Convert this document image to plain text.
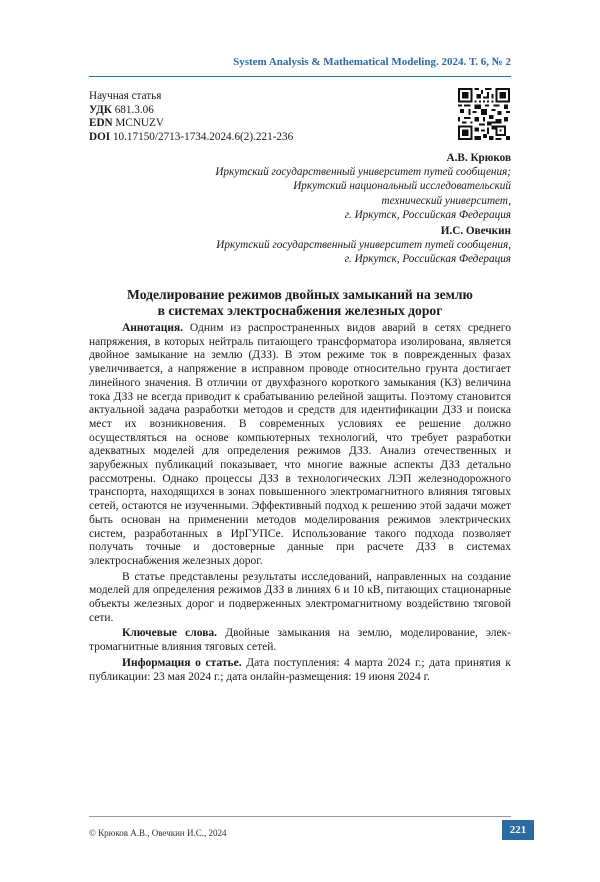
System Analysis & Mathematical Modeling. 2024. Т. 6, № 2
Научная статья
УДК 681.3.06
EDN MCNUZV
DOI 10.17150/2713-1734.2024.6(2).221-236
А.В. Крюков
Иркутский государственный университет путей сообщения;
Иркутский национальный исследовательский
технический университет,
г. Иркутск, Российская Федерация
И.С. Овечкин
Иркутский государственный университет путей сообщения,
г. Иркутск, Российская Федерация
Моделирование режимов двойных замыканий на землю
в системах электроснабжения железных дорог

Аннотация. Одним из распространенных видов аварий в сетях среднего напряжения, в которых нейтраль питающего трансформатора изолирована, является двойное замыкание на землю (ДЗЗ). В этом режиме ток в поврежденных фазах увеличивается, а напряжение в исправном проводе относительно грунта достигает линейного значения. В отличии от двухфазного короткого замыкания (КЗ) величина тока ДЗЗ не всегда приводит к срабатыванию релейной защиты. Поэтому становится актуальной задача разработки методов и средств для идентификации ДЗЗ и поиска мест их возникновения. В современных условиях ее решение должно осуществляться на основе компьютерных технологий, что требует разработки адекватных моделей для определения режимов ДЗЗ. Анализ отечественных и зарубежных публикаций показывает, что многие важные аспекты ДЗЗ детально рассмотрены. Однако процессы ДЗЗ в технологических ЛЭП железнодорожного транспорта, находящихся в зонах повышенного электромагнитного влияния тяговых сетей, остаются не изученными. Эффективный подход к решению этой задачи может быть основан на применении методов моделирования режимов электрических систем, разработанных в ИрГУПСе. Использование такого подхода позволяет получать точные и достоверные данные при расчете ДЗЗ в системах электроснабжения железных дорог.

В статье представлены результаты исследований, направленных на создание моделей для определения режимов ДЗЗ в линиях 6 и 10 кВ, питающих стационарные объекты железных дорог и подверженных электромагнитному воздействию тяговой сети.

Ключевые слова. Двойные замыкания на землю, моделирование, электромагнитные влияния тяговых сетей.

Информация о статье. Дата поступления: 4 марта 2024 г.; дата принятия к публикации: 23 мая 2024 г.; дата онлайн-размещения: 19 июня 2024 г.

© Крюков А.В., Овечкин И.С., 2024	221
